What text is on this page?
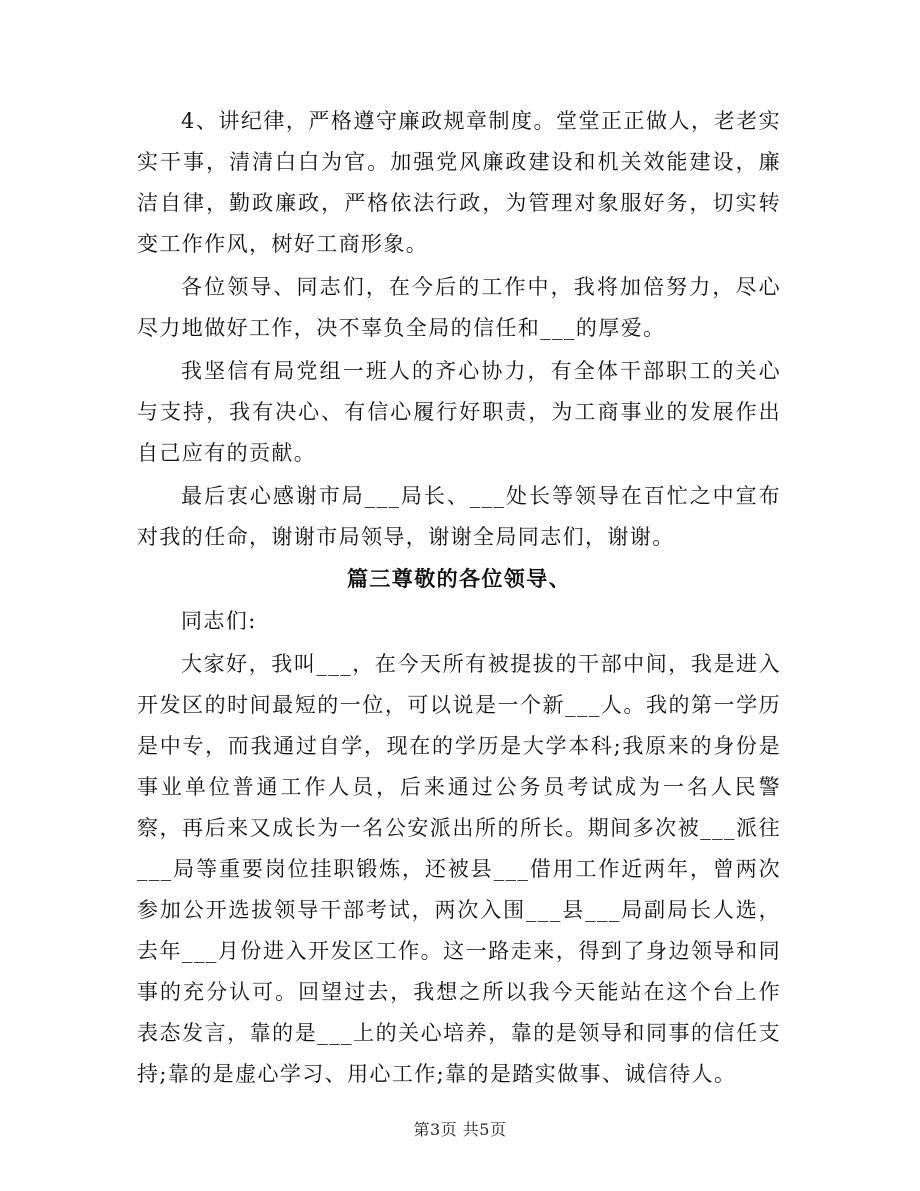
4、讲纪律，严格遵守廉政规章制度。堂堂正正做人，老老实实干事，清清白白为官。加强党风廉政建设和机关效能建设，廉洁自律，勤政廉政，严格依法行政，为管理对象服好务，切实转变工作作风，树好工商形象。

各位领导、同志们，在今后的工作中，我将加倍努力，尽心尽力地做好工作，决不辜负全局的信任和___的厚爱。

我坚信有局党组一班人的齐心协力，有全体干部职工的关心与支持，我有决心、有信心履行好职责，为工商事业的发展作出自己应有的贡献。

最后衷心感谢市局___局长、___处长等领导在百忙之中宣布对我的任命，谢谢市局领导，谢谢全局同志们，谢谢。

篇三尊敬的各位领导、

同志们:

大家好，我叫___，在今天所有被提拔的干部中间，我是进入开发区的时间最短的一位，可以说是一个新___人。我的第一学历是中专，而我通过自学，现在的学历是大学本科;我原来的身份是事业单位普通工作人员，后来通过公务员考试成为一名人民警察，再后来又成长为一名公安派出所的所长。期间多次被___派往___局等重要岗位挂职锻炼，还被县___借用工作近两年，曾两次参加公开选拔领导干部考试，两次入围___县___局副局长人选，去年___月份进入开发区工作。这一路走来，得到了身边领导和同事的充分认可。回望过去，我想之所以我今天能站在这个台上作表态发言，靠的是___上的关心培养，靠的是领导和同事的信任支持;靠的是虚心学习、用心工作;靠的是踏实做事、诚信待人。

第3页 共5页
